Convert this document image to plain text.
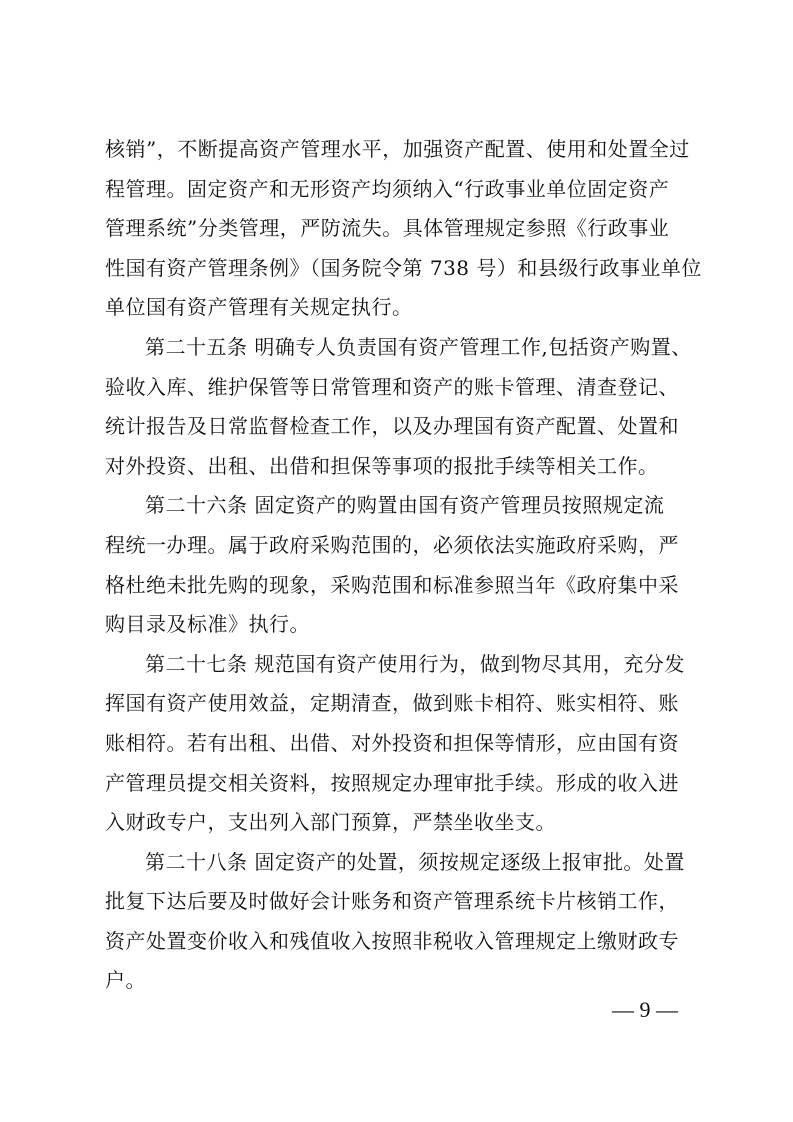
核销”，不断提高资产管理水平，加强资产配置、使用和处置全过
程管理。固定资产和无形资产均须纳入“行政事业单位固定资产
管理系统”分类管理，严防流失。具体管理规定参照《行政事业
性国有资产管理条例》（国务院令第 738 号）和县级行政事业单位
单位国有资产管理有关规定执行。

第二十五条 明确专人负责国有资产管理工作,包括资产购置、
验收入库、维护保管等日常管理和资产的账卡管理、清查登记、
统计报告及日常监督检查工作，以及办理国有资产配置、处置和
对外投资、出租、出借和担保等事项的报批手续等相关工作。

第二十六条 固定资产的购置由国有资产管理员按照规定流
程统一办理。属于政府采购范围的，必须依法实施政府采购，严
格杜绝未批先购的现象，采购范围和标准参照当年《政府集中采
购目录及标准》执行。

第二十七条 规范国有资产使用行为，做到物尽其用，充分发
挥国有资产使用效益，定期清查，做到账卡相符、账实相符、账
账相符。若有出租、出借、对外投资和担保等情形，应由国有资
产管理员提交相关资料，按照规定办理审批手续。形成的收入进
入财政专户，支出列入部门预算，严禁坐收坐支。

第二十八条 固定资产的处置，须按规定逐级上报审批。处置
批复下达后要及时做好会计账务和资产管理系统卡片核销工作，
资产处置变价收入和残值收入按照非税收入管理规定上缴财政专
户。

— 9 —
